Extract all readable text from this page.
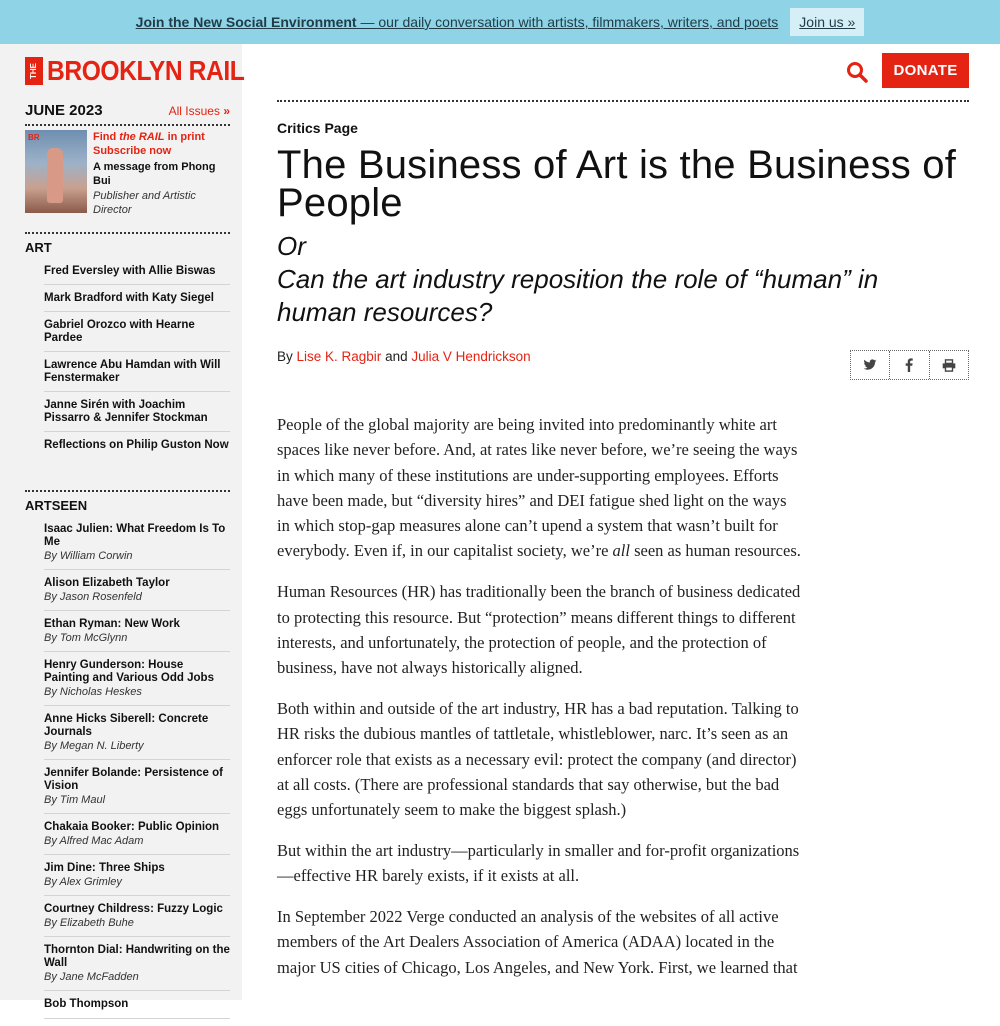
Join the New Social Environment — our daily conversation with artists, filmmakers, writers, and poets	Join us »
THE BROOKLYN RAIL
JUNE 2023	All Issues »
BR	Find the RAIL in print
Subscribe now
A message from Phong Bui
Publisher and Artistic Director
ART
Fred Eversley with Allie Biswas
Mark Bradford with Katy Siegel
Gabriel Orozco with Hearne Pardee
Lawrence Abu Hamdan with Will Fenstermaker
Janne Sirén with Joachim Pissarro & Jennifer Stockman
Reflections on Philip Guston Now
ARTSEEN
Isaac Julien: What Freedom Is To Me
By William Corwin
Alison Elizabeth Taylor
By Jason Rosenfeld
Ethan Ryman: New Work
By Tom McGlynn
Henry Gunderson: House Painting and Various Odd Jobs
By Nicholas Heskes
Anne Hicks Siberell: Concrete Journals
By Megan N. Liberty
Jennifer Bolande: Persistence of Vision
By Tim Maul
Chakaia Booker: Public Opinion
By Alfred Mac Adam
Jim Dine: Three Ships
By Alex Grimley
Courtney Childress: Fuzzy Logic
By Elizabeth Buhe
Thornton Dial: Handwriting on the Wall
By Jane McFadden
Bob Thompson
DONATE
Critics Page
The Business of Art is the Business of People
Or
Can the art industry reposition the role of “human” in human resources?
By Lise K. Ragbir and Julia V Hendrickson

People of the global majority are being invited into predominantly white art spaces like never before. And, at rates like never before, we’re seeing the ways in which many of these institutions are under-supporting employees. Efforts have been made, but “diversity hires” and DEI fatigue shed light on the ways in which stop-gap measures alone can’t upend a system that wasn’t built for everybody. Even if, in our capitalist society, we’re all seen as human resources.

Human Resources (HR) has traditionally been the branch of business dedicated to protecting this resource. But “protection” means different things to different interests, and unfortunately, the protection of people, and the protection of business, have not always historically aligned.

Both within and outside of the art industry, HR has a bad reputation. Talking to HR risks the dubious mantles of tattletale, whistleblower, narc. It’s seen as an enforcer role that exists as a necessary evil: protect the company (and director) at all costs. (There are professional standards that say otherwise, but the bad eggs unfortunately seem to make the biggest splash.)

But within the art industry—particularly in smaller and for-profit organizations—effective HR barely exists, if it exists at all.

In September 2022 Verge conducted an analysis of the websites of all active members of the Art Dealers Association of America (ADAA) located in the major US cities of Chicago, Los Angeles, and New York. First, we learned that
